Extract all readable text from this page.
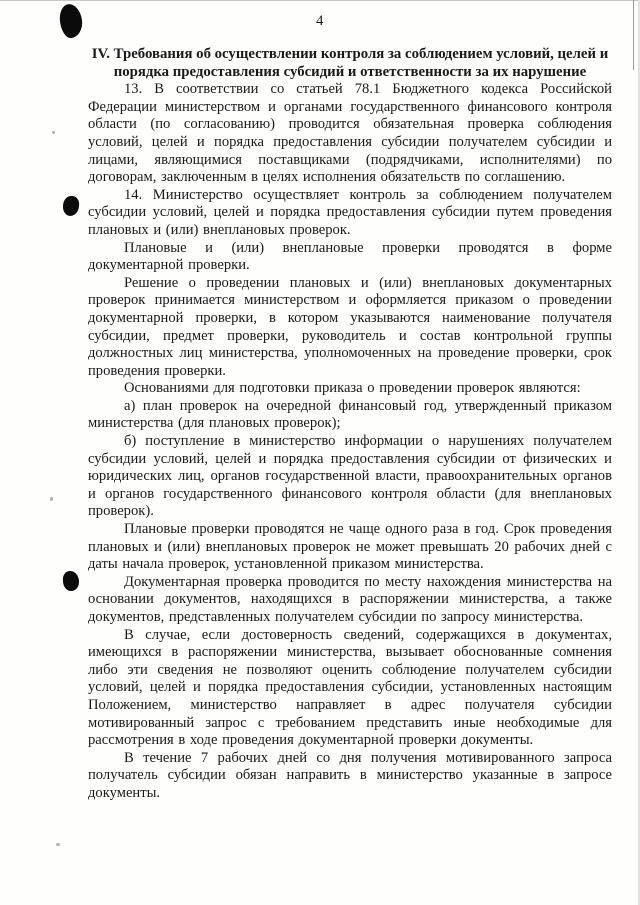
4
IV. Требования об осуществлении контроля за соблюдением условий, целей и порядка предоставления субсидий и ответственности за их нарушение

13. В соответствии со статьей 78.1 Бюджетного кодекса Российской Федерации министерством и органами государственного финансового контроля области (по согласованию) проводится обязательная проверка соблюдения условий, целей и порядка предоставления субсидии получателем субсидии и лицами, являющимися поставщиками (подрядчиками, исполнителями) по договорам, заключенным в целях исполнения обязательств по соглашению.

14. Министерство осуществляет контроль за соблюдением получателем субсидии условий, целей и порядка предоставления субсидии путем проведения плановых и (или) внеплановых проверок.

Плановые и (или) внеплановые проверки проводятся в форме документарной проверки.

Решение о проведении плановых и (или) внеплановых документарных проверок принимается министерством и оформляется приказом о проведении документарной проверки, в котором указываются наименование получателя субсидии, предмет проверки, руководитель и состав контрольной группы должностных лиц министерства, уполномоченных на проведение проверки, срок проведения проверки.

Основаниями для подготовки приказа о проведении проверок являются:

а) план проверок на очередной финансовый год, утвержденный приказом министерства (для плановых проверок);

б) поступление в министерство информации о нарушениях получателем субсидии условий, целей и порядка предоставления субсидии от физических и юридических лиц, органов государственной власти, правоохранительных органов и органов государственного финансового контроля области (для внеплановых проверок).

Плановые проверки проводятся не чаще одного раза в год. Срок проведения плановых и (или) внеплановых проверок не может превышать 20 рабочих дней с даты начала проверок, установленной приказом министерства.

Документарная проверка проводится по месту нахождения министерства на основании документов, находящихся в распоряжении министерства, а также документов, представленных получателем субсидии по запросу министерства.

В случае, если достоверность сведений, содержащихся в документах, имеющихся в распоряжении министерства, вызывает обоснованные сомнения либо эти сведения не позволяют оценить соблюдение получателем субсидии условий, целей и порядка предоставления субсидии, установленных настоящим Положением, министерство направляет в адрес получателя субсидии мотивированный запрос с требованием представить иные необходимые для рассмотрения в ходе проведения документарной проверки документы.

В течение 7 рабочих дней со дня получения мотивированного запроса получатель субсидии обязан направить в министерство указанные в запросе документы.
